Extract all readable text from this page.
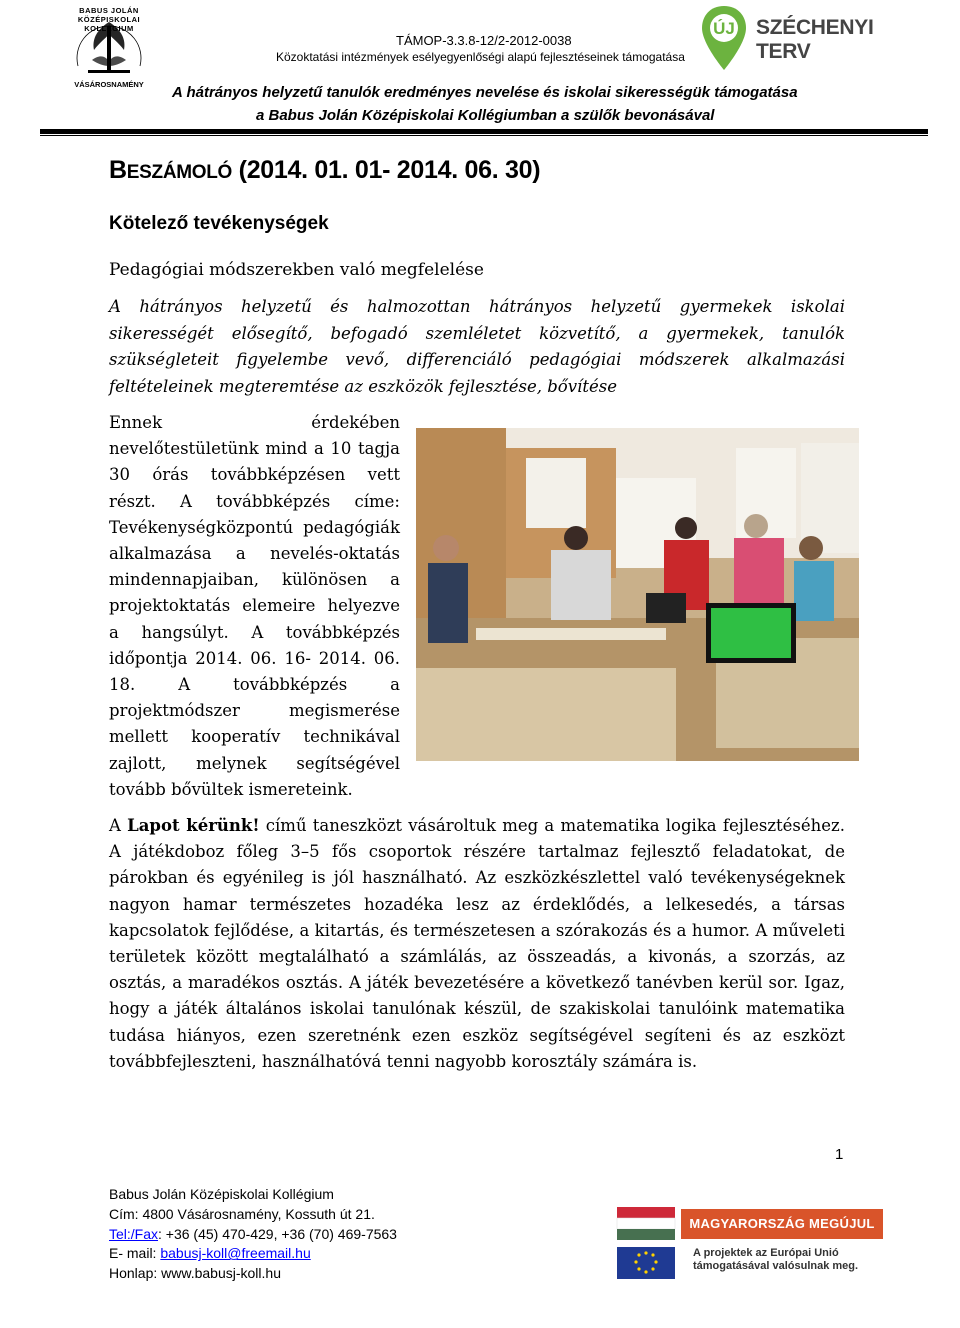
BABUS JOLÁN KÖZÉPISKOLAI KOLLÉGIUM
VÁSÁROSNAMÉNY
TÁMOP-3.3.8-12/2-2012-0038
Közoktatási intézmények esélyegyenlőségi alapú fejlesztéseinek támogatása
ÚJ SZÉCHENYI TERV
A hátrányos helyzetű tanulók eredményes nevelése és iskolai sikerességük támogatása
a Babus Jolán Középiskolai Kollégiumban a szülők bevonásával
BESZÁMOLÓ (2014. 01. 01- 2014. 06. 30)
Kötelező tevékenységek
Pedagógiai módszerekben való megfelelése
A hátrányos helyzetű és halmozottan hátrányos helyzetű gyermekek iskolai sikerességét elősegítő, befogadó szemléletet közvetítő, a gyermekek, tanulók szükségleteit figyelembe vevő, differenciáló pedagógiai módszerek alkalmazási feltételeinek megteremtése az eszközök fejlesztése, bővítése
Ennek érdekében nevelőtestületünk mind a 10 tagja 30 órás továbbképzésen vett részt. A továbbképzés címe: Tevékenységközpontú pedagógiák alkalmazása a nevelés-oktatás mindennapjaiban, különösen a projektoktatás elemeire helyezve a hangsúlyt. A továbbképzés időpontja 2014. 06. 16- 2014. 06. 18. A továbbképzés a projektmódszer megismerése mellett kooperatív technikával zajlott, melynek segítségével tovább bővültek ismereteink.
A Lapot kérünk! című taneszközt vásároltuk meg a matematika logika fejlesztéséhez. A játékdoboz főleg 3–5 fős csoportok részére tartalmaz fejlesztő feladatokat, de párokban és egyénileg is jól használható. Az eszközkészlettel való tevékenységeknek nagyon hamar természetes hozadéka lesz az érdeklődés, a lelkesedés, a társas kapcsolatok fejlődése, a kitartás, és természetesen a szórakozás és a humor. A műveleti területek között megtalálható a számlálás, az összeadás, a kivonás, a szorzás, az osztás, a maradékos osztás. A játék bevezetésére a következő tanévben kerül sor. Igaz, hogy a játék általános iskolai tanulónak készül, de szakiskolai tanulóink matematika tudása hiányos, ezen szeretnénk ezen eszköz segítségével segíteni és az eszközt továbbfejleszteni, használhatóvá tenni nagyobb korosztály számára is.
1
Babus Jolán Középiskolai Kollégium
Cím: 4800 Vásárosnamény, Kossuth út 21.
Tel:/Fax: +36 (45) 470-429, +36 (70) 469-7563
E- mail: babusj-koll@freemail.hu
Honlap: www.babusj-koll.hu
MAGYARORSZÁG MEGÚJUL
A projektek az Európai Unió
támogatásával valósulnak meg.
